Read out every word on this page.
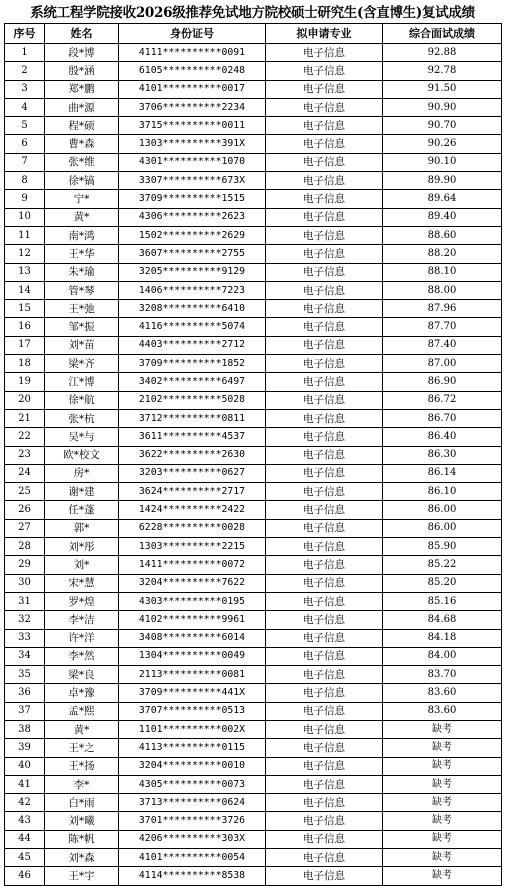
系统工程学院接收2026级推荐免试地方院校硕士研究生(含直博生)复试成绩
序号	姓名	身份证号	拟申请专业	综合面试成绩
1	段*博	4111**********0091	电子信息	92.88
2	殷*涵	6105**********0248	电子信息	92.78
3	郑*鹏	4101**********0017	电子信息	91.50
4	曲*源	3706**********2234	电子信息	90.90
5	程*硕	3715**********0011	电子信息	90.70
6	曹*森	1303**********391X	电子信息	90.26
7	张*维	4301**********1070	电子信息	90.10
8	徐*镐	3307**********673X	电子信息	89.90
9	宁*	3709**********1515	电子信息	89.64
10	黄*	4306**********2623	电子信息	89.40
11	南*鸿	1502**********2629	电子信息	88.60
12	王*华	3607**********2755	电子信息	88.20
13	朱*瑜	3205**********9129	电子信息	88.10
14	管*琴	1406**********7223	电子信息	88.00
15	王*弛	3208**********6410	电子信息	87.96
16	邹*振	4116**********5074	电子信息	87.70
17	刘*苗	4403**********2712	电子信息	87.40
18	梁*齐	3709**********1852	电子信息	87.00
19	江*博	3402**********6497	电子信息	86.90
20	徐*航	2102**********5028	电子信息	86.72
21	张*杭	3712**********0811	电子信息	86.70
22	吴*与	3611**********4537	电子信息	86.40
23	欧*校文	3622**********2630	电子信息	86.30
24	房*	3203**********0627	电子信息	86.14
25	谢*建	3624**********2717	电子信息	86.10
26	任*蓬	1424**********2422	电子信息	86.00
27	郭*	6228**********0028	电子信息	86.00
28	刘*彤	1303**********2215	电子信息	85.90
29	刘*	1411**********0072	电子信息	85.22
30	宋*慧	3204**********7622	电子信息	85.20
31	罗*煌	4303**********0195	电子信息	85.16
32	李*洁	4102**********9961	电子信息	84.68
33	许*洋	3408**********6014	电子信息	84.18
34	李*然	1304**********0049	电子信息	84.00
35	梁*良	2113**********0081	电子信息	83.70
36	卓*豫	3709**********441X	电子信息	83.60
37	孟*熙	3707**********0513	电子信息	83.60
38	黄*	1101**********002X	电子信息	缺考
39	王*之	4113**********0115	电子信息	缺考
40	王*扬	3204**********0010	电子信息	缺考
41	李*	4305**********0073	电子信息	缺考
42	白*雨	3713**********0624	电子信息	缺考
43	刘*曦	3701**********3726	电子信息	缺考
44	陈*帆	4206**********303X	电子信息	缺考
45	刘*森	4101**********0054	电子信息	缺考
46	王*宇	4114**********8538	电子信息	缺考
